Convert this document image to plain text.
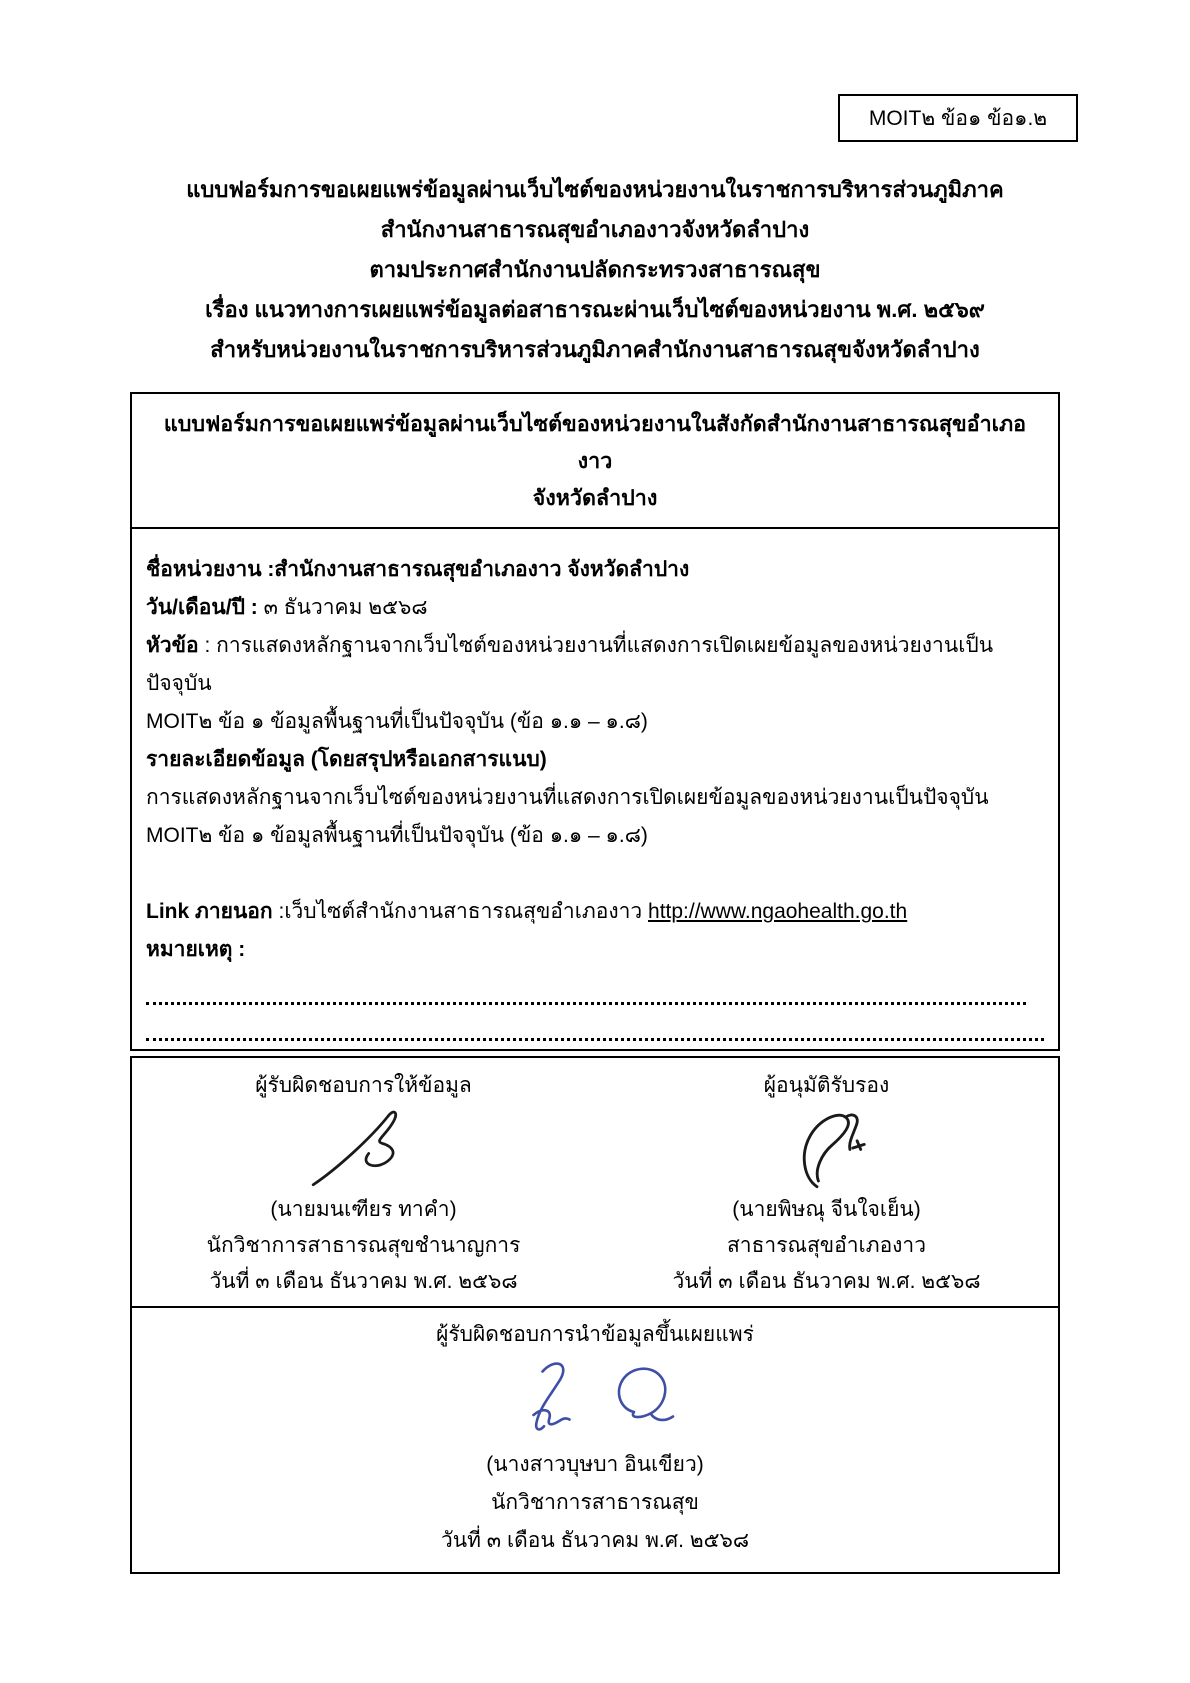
MOIT๒ ข้อ๑ ข้อ๑.๒
แบบฟอร์มการขอเผยแพร่ข้อมูลผ่านเว็บไซต์ของหน่วยงานในราชการบริหารส่วนภูมิภาค
สำนักงานสาธารณสุขอำเภองาวจังหวัดลำปาง
ตามประกาศสำนักงานปลัดกระทรวงสาธารณสุข
เรื่อง แนวทางการเผยแพร่ข้อมูลต่อสาธารณะผ่านเว็บไซต์ของหน่วยงาน พ.ศ. ๒๕๖๙
สำหรับหน่วยงานในราชการบริหารส่วนภูมิภาคสำนักงานสาธารณสุขจังหวัดลำปาง
แบบฟอร์มการขอเผยแพร่ข้อมูลผ่านเว็บไซต์ของหน่วยงานในสังกัดสำนักงานสาธารณสุขอำเภองาว
จังหวัดลำปาง

ชื่อหน่วยงาน :สำนักงานสาธารณสุขอำเภองาว จังหวัดลำปาง

วัน/เดือน/ปี : ๓ ธันวาคม ๒๕๖๘

หัวข้อ : การแสดงหลักฐานจากเว็บไซต์ของหน่วยงานที่แสดงการเปิดเผยข้อมูลของหน่วยงานเป็นปัจจุบัน

MOIT๒ ข้อ ๑ ข้อมูลพื้นฐานที่เป็นปัจจุบัน (ข้อ ๑.๑ – ๑.๘)

รายละเอียดข้อมูล (โดยสรุปหรือเอกสารแนบ)

การแสดงหลักฐานจากเว็บไซต์ของหน่วยงานที่แสดงการเปิดเผยข้อมูลของหน่วยงานเป็นปัจจุบัน

MOIT๒ ข้อ ๑ ข้อมูลพื้นฐานที่เป็นปัจจุบัน (ข้อ ๑.๑ – ๑.๘)

Link ภายนอก :เว็บไซต์สำนักงานสาธารณสุขอำเภองาว http://www.ngaohealth.go.th

หมายเหตุ :

ผู้รับผิดชอบการให้ข้อมูล
(นายมนเฑียร ทาคำ)
นักวิชาการสาธารณสุขชำนาญการ
วันที่ ๓ เดือน ธันวาคม พ.ศ. ๒๕๖๘
ผู้อนุมัติรับรอง
(นายพิษณุ จีนใจเย็น)
สาธารณสุขอำเภองาว
วันที่ ๓ เดือน ธันวาคม พ.ศ. ๒๕๖๘
ผู้รับผิดชอบการนำข้อมูลขึ้นเผยแพร่
(นางสาวบุษบา อินเขียว)
นักวิชาการสาธารณสุข
วันที่ ๓ เดือน ธันวาคม พ.ศ. ๒๕๖๘
